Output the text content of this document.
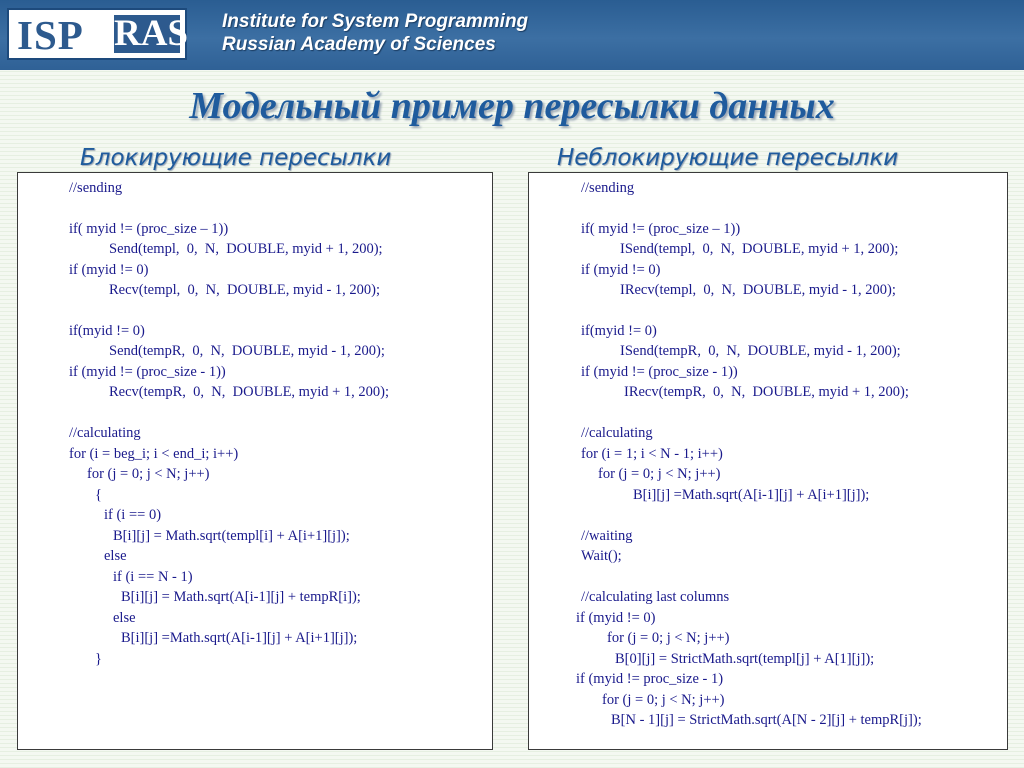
ISP RAS Institute for System Programming
Russian Academy of Sciences
Модельный пример пересылки данных
Блокирующие пересылки	Неблокирующие пересылки
//sending
if( myid != (proc_size – 1))
Send(templ,  0,  N,  DOUBLE, myid + 1, 200);
if (myid != 0)
Recv(templ,  0,  N,  DOUBLE, myid - 1, 200);
if(myid != 0)
Send(tempR,  0,  N,  DOUBLE, myid - 1, 200);
if (myid != (proc_size - 1))
Recv(tempR,  0,  N,  DOUBLE, myid + 1, 200);
//calculating
for (i = beg_i; i < end_i; i++)
for (j = 0; j < N; j++)
{
if (i == 0)
B[i][j] = Math.sqrt(templ[i] + A[i+1][j]);
else
if (i == N - 1)
B[i][j] = Math.sqrt(A[i-1][j] + tempR[i]);
else
B[i][j] =Math.sqrt(A[i-1][j] + A[i+1][j]);
}
//sending
if( myid != (proc_size – 1))
ISend(templ,  0,  N,  DOUBLE, myid + 1, 200);
if (myid != 0)
IRecv(templ,  0,  N,  DOUBLE, myid - 1, 200);
if(myid != 0)
ISend(tempR,  0,  N,  DOUBLE, myid - 1, 200);
if (myid != (proc_size - 1))
IRecv(tempR,  0,  N,  DOUBLE, myid + 1, 200);
//calculating
for (i = 1; i < N - 1; i++)
for (j = 0; j < N; j++)
B[i][j] =Math.sqrt(A[i-1][j] + A[i+1][j]);
//waiting
Wait();
//calculating last columns
if (myid != 0)
for (j = 0; j < N; j++)
B[0][j] = StrictMath.sqrt(templ[j] + A[1][j]);
if (myid != proc_size - 1)
for (j = 0; j < N; j++)
B[N - 1][j] = StrictMath.sqrt(A[N - 2][j] + tempR[j]);
